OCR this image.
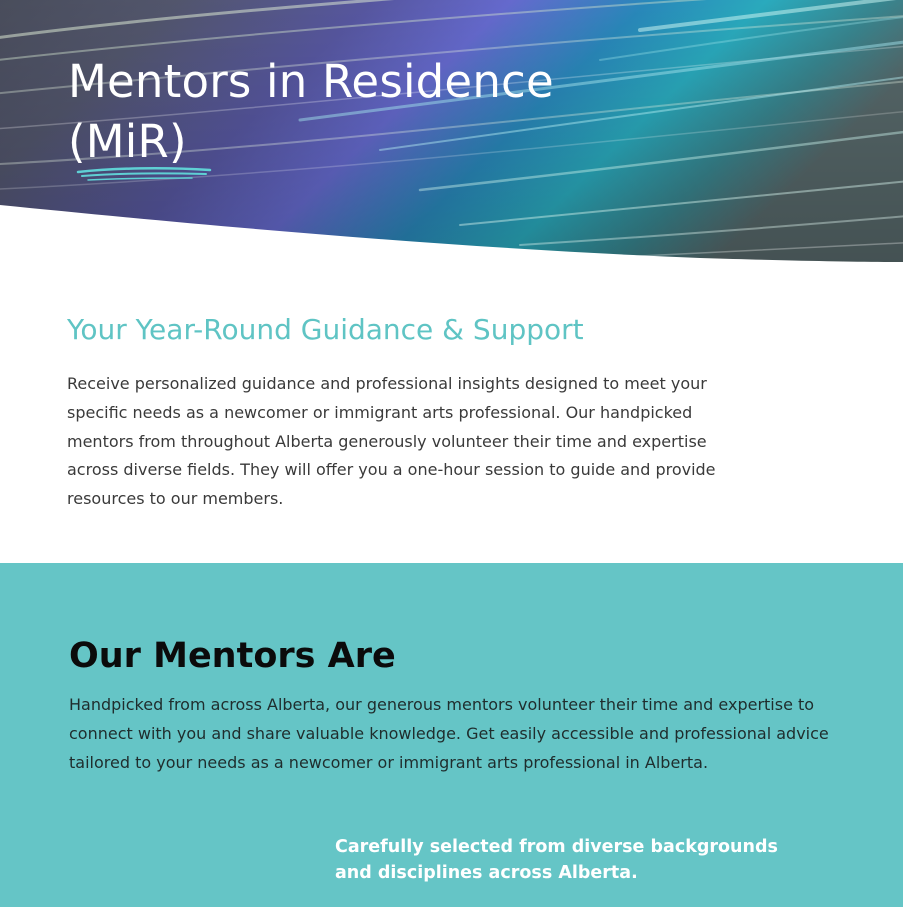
Mentors in Residence
(MiR)
Your Year-Round Guidance & Support

Receive personalized guidance and professional insights designed to meet your specific needs as a newcomer or immigrant arts professional. Our handpicked mentors from throughout Alberta generously volunteer their time and expertise across diverse fields. They will offer you a one-hour session to guide and provide resources to our members.

Our Mentors Are

Handpicked from across Alberta, our generous mentors volunteer their time and expertise to connect with you and share valuable knowledge. Get easily accessible and professional advice tailored to your needs as a newcomer or immigrant arts professional in Alberta.

Carefully selected from diverse backgrounds and disciplines across Alberta.
